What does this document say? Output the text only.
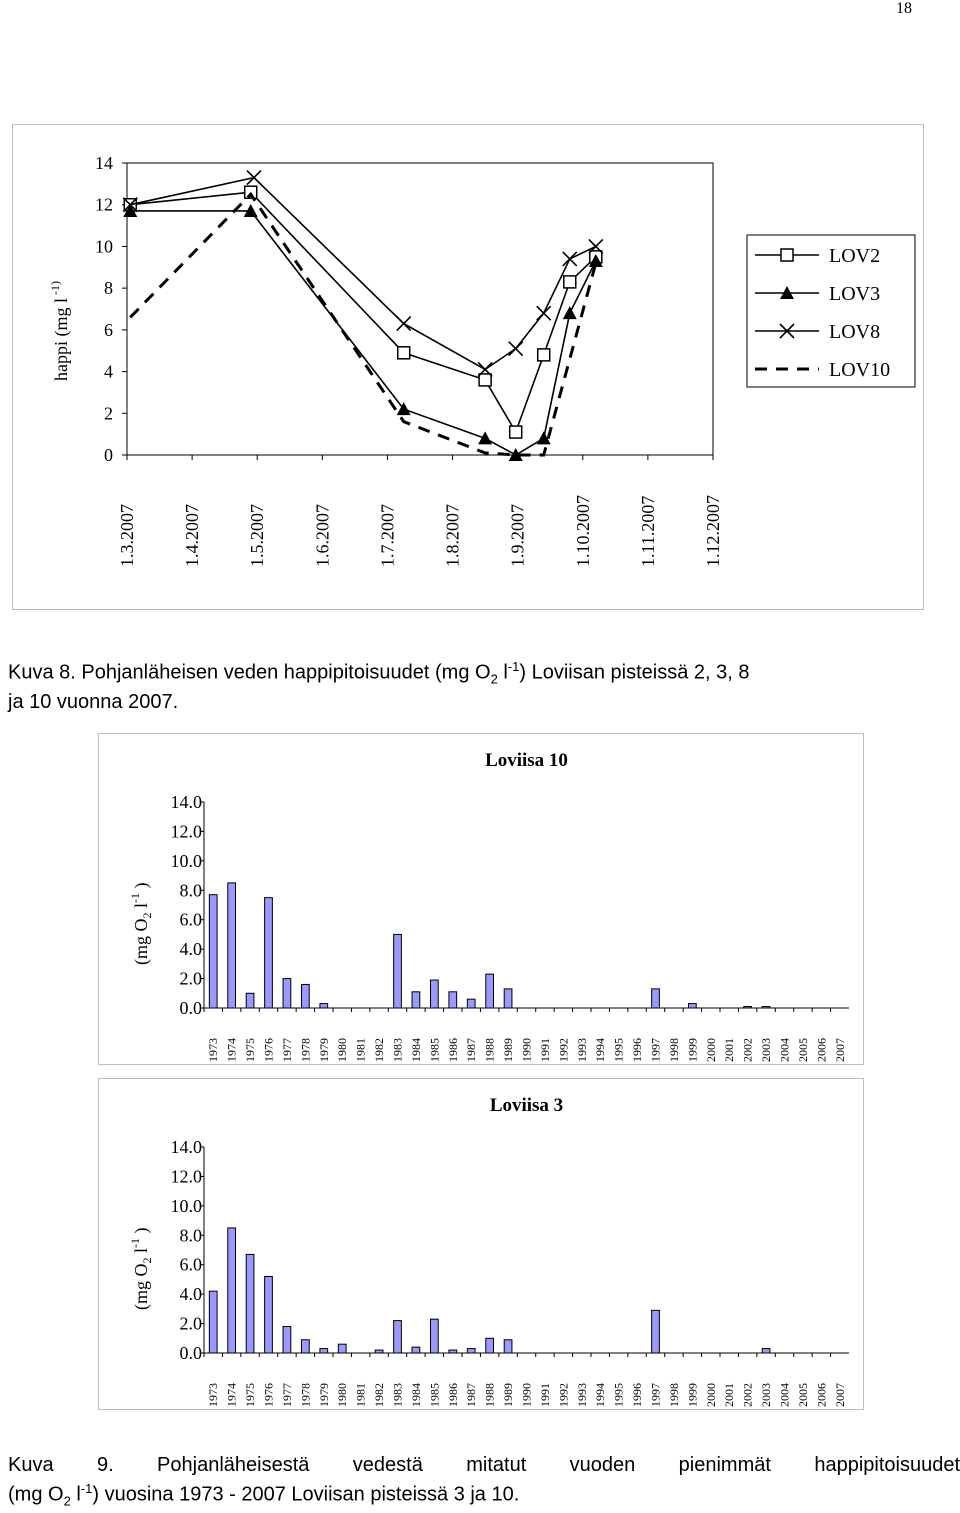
18
0
2
4
6
8
10
12
14
1.3.2007	1.4.2007	1.5.2007	1.6.2007	1.7.2007	1.8.2007	1.9.2007	1.10.2007	1.11.2007	1.12.2007
happi (mg l $^{-1)}$
LOV2
LOV3
LOV8
LOV10
Kuva 8. Pohjanläheisen veden happipitoisuudet (mg $O_2$ $l^{-1}$) Loviisan pisteissä 2, 3, 8
ja 10 vuonna 2007.
Loviisa 10
0.0
2.0
4.0
6.0
8.0
10.0
12.0
14.0
(mg $O_2$ $l^{-1}$ )
1973 1974 1975 1976 1977 1978 1979 1980 1981 1982 1983 1984 1985 1986 1987 1988 1989 1990 1991 1992 1993 1994 1995 1996 1997 1998 1999 2000 2001 2002 2003 2004 2005 2006 2007
Loviisa 3
0.0
2.0
4.0
6.0
8.0
10.0
12.0
14.0
(mg $O_2$ $l^{-1}$ )
1973 1974 1975 1976 1977 1978 1979 1980 1981 1982 1983 1984 1985 1986 1987 1988 1989 1990 1991 1992 1993 1994 1995 1996 1997 1998 1999 2000 2001 2002 2003 2004 2005 2006 2007
Kuva 9. Pohjanläheisestä vedestä mitatut vuoden pienimmät happipitoisuudet
(mg $O_2$ $l^{-1}$) vuosina 1973 - 2007 Loviisan pisteissä 3 ja 10.
